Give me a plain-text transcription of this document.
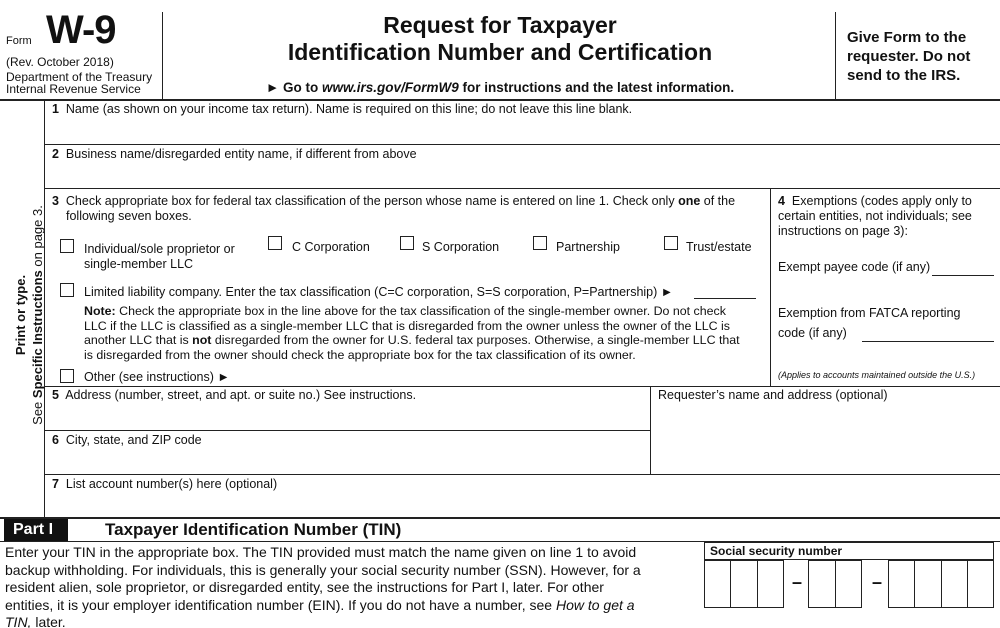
Form W-9
(Rev. October 2018)
Department of the Treasury
Internal Revenue Service
Request for Taxpayer
Identification Number and Certification
► Go to www.irs.gov/FormW9 for instructions and the latest information.
Give Form to the
requester. Do not
send to the IRS.
Print or type.
See Specific Instructions on page 3.
1 Name (as shown on your income tax return). Name is required on this line; do not leave this line blank.
2 Business name/disregarded entity name, if different from above
3 Check appropriate box for federal tax classification of the person whose name is entered on line 1. Check only one of the
following seven boxes.
Individual/sole proprietor or
single-member LLC
C Corporation	S Corporation	Partnership	Trust/estate
Limited liability company. Enter the tax classification (C=C corporation, S=S corporation, P=Partnership) ►
Note: Check the appropriate box in the line above for the tax classification of the single-member owner. Do not check
LLC if the LLC is classified as a single-member LLC that is disregarded from the owner unless the owner of the LLC is
another LLC that is not disregarded from the owner for U.S. federal tax purposes. Otherwise, a single-member LLC that
is disregarded from the owner should check the appropriate box for the tax classification of its owner.
Other (see instructions) ►
4 Exemptions (codes apply only to
certain entities, not individuals; see
instructions on page 3):
Exempt payee code (if any)
Exemption from FATCA reporting
code (if any)
(Applies to accounts maintained outside the U.S.)
5 Address (number, street, and apt. or suite no.) See instructions.	Requester’s name and address (optional)
6 City, state, and ZIP code
7 List account number(s) here (optional)
Part I	Taxpayer Identification Number (TIN)
Enter your TIN in the appropriate box. The TIN provided must match the name given on line 1 to avoid
backup withholding. For individuals, this is generally your social security number (SSN). However, for a
resident alien, sole proprietor, or disregarded entity, see the instructions for Part I, later. For other
entities, it is your employer identification number (EIN). If you do not have a number, see How to get a
TIN, later.
Social security number
–	–
